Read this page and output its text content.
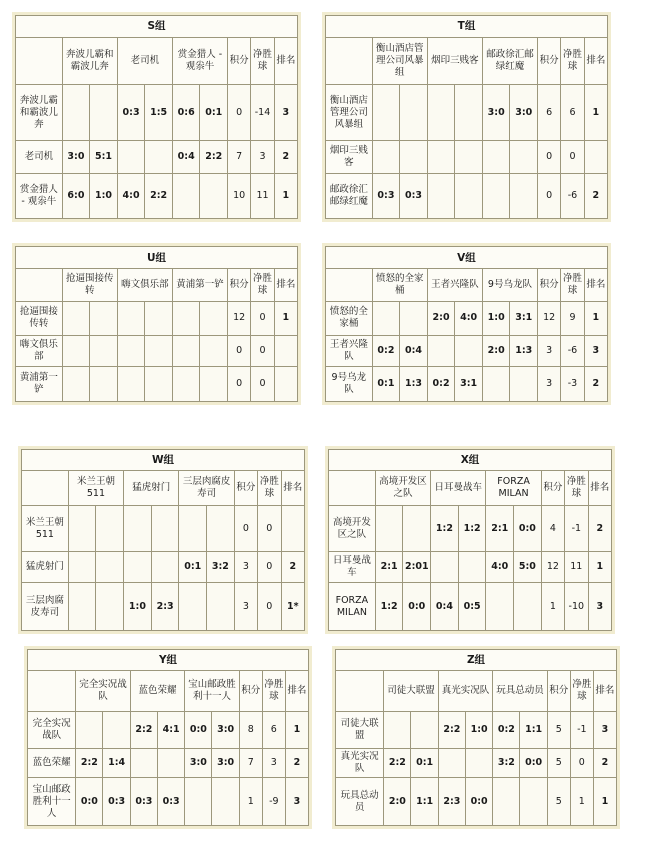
S组									
	奔波儿霸和霸波儿奔		老司机		赏金猎人 - 观尜牛		积分	净胜球	排名
奔波儿霸和霸波儿奔			0:3	1:5	0:6	0:1	0	-14	3
老司机	3:0	5:1			0:4	2:2	7	3	2
赏金猎人 - 观尜牛	6:0	1:0	4:0	2:2			10	11	1
T组									
	衡山酒店管理公司风暴组		烟印三贱客		邮政徐汇邮绿红魔		积分	净胜球	排名
衡山酒店管理公司风暴组					3:0	3:0	6	6	1
烟印三贱客							0	0	
邮政徐汇 邮绿红魔	0:3	0:3					0	-6	2
U组									
	抢逼围接传转		嗨文俱乐部		黄浦第一铲		积分	净胜球	排名
抢逼围接传转							12	0	1
嗨文俱乐部							0	0	
黄浦第一铲							0	0	
V组									
	愤怒的全家桶		王者兴隆队		9号乌龙队		积分	净胜球	排名
愤怒的全家桶			2:0	4:0	1:0	3:1	12	9	1
王者兴隆队	0:2	0:4			2:0	1:3	3	-6	3
9号乌龙队	0:1	1:3	0:2	3:1			3	-3	2
W组									
	米兰王朝511		猛虎射门		三层肉腐皮寿司		积分	净胜球	排名
米兰王朝511							0	0	
猛虎射门					0:1	3:2	3	0	2
三层肉腐皮寿司			1:0	2:3			3	0	1*
X组									
	高境开发区之队		日耳曼战车		FORZA MILAN		积分	净胜球	排名
高境开发区之队			1:2	1:2	2:1	0:0	4	-1	2
日耳曼战车	2:1	2:01			4:0	5:0	12	11	1
FORZA MILAN	1:2	0:0	0:4	0:5			1	-10	3
Y组									
	完全实况战队		蓝色荣耀		宝山邮政胜利十一人		积分	净胜球	排名
完全实况战队			2:2	4:1	0:0	3:0	8	6	1
蓝色荣耀	2:2	1:4			3:0	3:0	7	3	2
宝山邮政胜利十一人	0:0	0:3	0:3	0:3			1	-9	3
Z组									
	司徒大联盟		真光实况队		玩具总动员		积分	净胜球	排名
司徒大联盟			2:2	1:0	0:2	1:1	5	-1	3
真光实况队	2:2	0:1			3:2	0:0	5	0	2
玩具总动员	2:0	1:1	2:3	0:0			5	1	1
